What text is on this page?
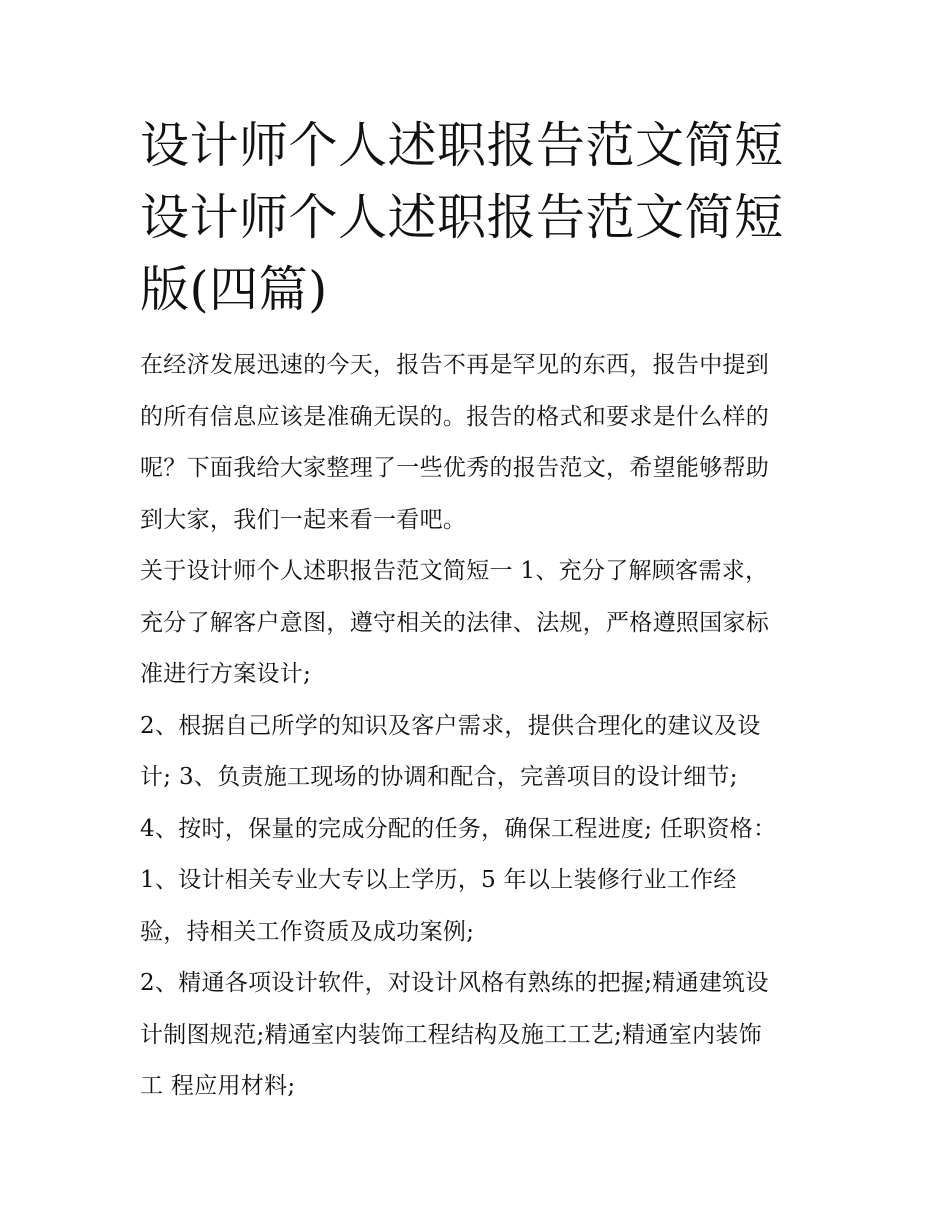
设计师个人述职报告范文简短
设计师个人述职报告范文简短
版(四篇)
在经济发展迅速的今天，报告不再是罕见的东西，报告中提到
的所有信息应该是准确无误的。报告的格式和要求是什么样的
呢？下面我给大家整理了一些优秀的报告范文，希望能够帮助
到大家，我们一起来看一看吧。
关于设计师个人述职报告范文简短一 1、充分了解顾客需求，
充分了解客户意图，遵守相关的法律、法规，严格遵照国家标
准进行方案设计;
2、根据自己所学的知识及客户需求，提供合理化的建议及设
计; 3、负责施工现场的协调和配合，完善项目的设计细节;
4、按时，保量的完成分配的任务，确保工程进度; 任职资格：
1、设计相关专业大专以上学历，5 年以上装修行业工作经
验，持相关工作资质及成功案例;
2、精通各项设计软件，对设计风格有熟练的把握;精通建筑设
计制图规范;精通室内装饰工程结构及施工工艺;精通室内装饰
工 程应用材料;
